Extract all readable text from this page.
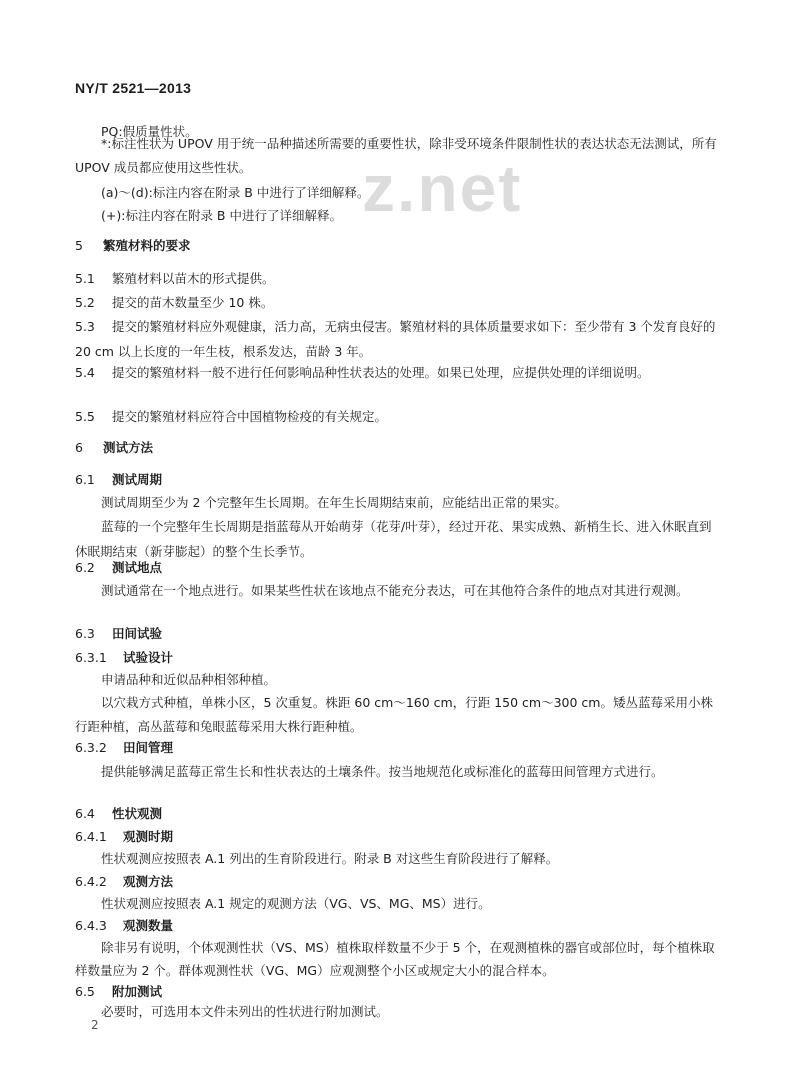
NY/T 2521—2013
z.net
PQ:假质量性状。
*:标注性状为 UPOV 用于统一品种描述所需要的重要性状，除非受环境条件限制性状的表达状态无法测试，所有 UPOV 成员都应使用这些性状。
(a)～(d):标注内容在附录 B 中进行了详细解释。
(+):标注内容在附录 B 中进行了详细解释。
5 繁殖材料的要求
5.1 繁殖材料以苗木的形式提供。
5.2 提交的苗木数量至少 10 株。
5.3 提交的繁殖材料应外观健康，活力高，无病虫侵害。繁殖材料的具体质量要求如下：至少带有 3 个发育良好的 20 cm 以上长度的一年生枝，根系发达，苗龄 3 年。
5.4 提交的繁殖材料一般不进行任何影响品种性状表达的处理。如果已处理，应提供处理的详细说明。
5.5 提交的繁殖材料应符合中国植物检疫的有关规定。
6 测试方法
6.1 测试周期
测试周期至少为 2 个完整年生长周期。在年生长周期结束前，应能结出正常的果实。
蓝莓的一个完整年生长周期是指蓝莓从开始萌芽（花芽/叶芽），经过开花、果实成熟、新梢生长、进入休眠直到休眠期结束（新芽膨起）的整个生长季节。
6.2 测试地点
测试通常在一个地点进行。如果某些性状在该地点不能充分表达，可在其他符合条件的地点对其进行观测。
6.3 田间试验
6.3.1 试验设计
申请品种和近似品种相邻种植。
以穴栽方式种植，单株小区，5 次重复。株距 60 cm～160 cm，行距 150 cm～300 cm。矮丛蓝莓采用小株行距种植，高丛蓝莓和兔眼蓝莓采用大株行距种植。
6.3.2 田间管理
提供能够满足蓝莓正常生长和性状表达的土壤条件。按当地规范化或标准化的蓝莓田间管理方式进行。
6.4 性状观测
6.4.1 观测时期
性状观测应按照表 A.1 列出的生育阶段进行。附录 B 对这些生育阶段进行了解释。
6.4.2 观测方法
性状观测应按照表 A.1 规定的观测方法（VG、VS、MG、MS）进行。
6.4.3 观测数量
除非另有说明，个体观测性状（VS、MS）植株取样数量不少于 5 个，在观测植株的器官或部位时，每个植株取样数量应为 2 个。群体观测性状（VG、MG）应观测整个小区或规定大小的混合样本。
6.5 附加测试
必要时，可选用本文件未列出的性状进行附加测试。
2
